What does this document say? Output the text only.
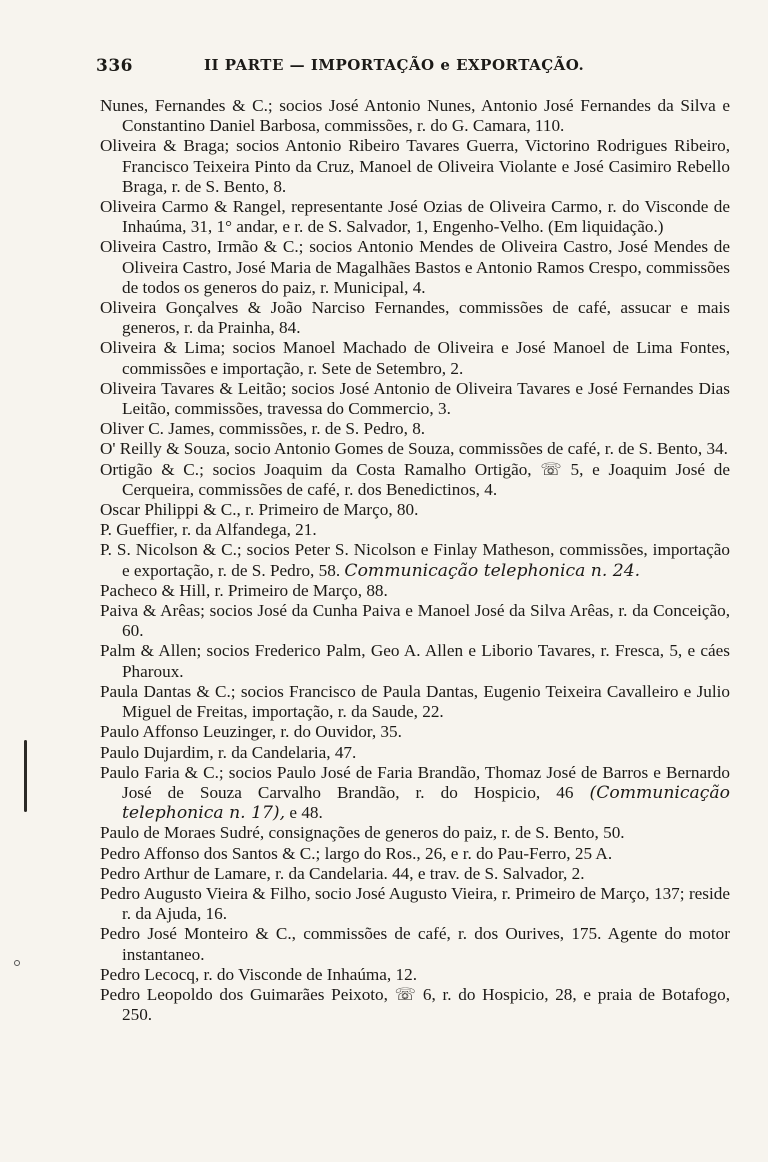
336	II PARTE — IMPORTAÇÃO e EXPORTAÇÃO.

Nunes, Fernandes & C.; socios José Antonio Nunes, Antonio José Fernandes da Silva e Constantino Daniel Barbosa, commissões, r. do G. Camara, 110.

Oliveira & Braga; socios Antonio Ribeiro Tavares Guerra, Victorino Rodrigues Ribeiro, Francisco Teixeira Pinto da Cruz, Manoel de Oliveira Violante e José Casimiro Rebello Braga, r. de S. Bento, 8.

Oliveira Carmo & Rangel, representante José Ozias de Oliveira Carmo, r. do Visconde de Inhaúma, 31, 1° andar, e r. de S. Salvador, 1, Engenho-Velho. (Em liquidação.)

Oliveira Castro, Irmão & C.; socios Antonio Mendes de Oliveira Castro, José Mendes de Oliveira Castro, José Maria de Magalhães Bastos e Antonio Ramos Crespo, commissões de todos os generos do paiz, r. Municipal, 4.

Oliveira Gonçalves & João Narciso Fernandes, commissões de café, assucar e mais generos, r. da Prainha, 84.

Oliveira & Lima; socios Manoel Machado de Oliveira e José Manoel de Lima Fontes, commissões e importação, r. Sete de Setembro, 2.

Oliveira Tavares & Leitão; socios José Antonio de Oliveira Tavares e José Fernandes Dias Leitão, commissões, travessa do Commercio, 3.

Oliver C. James, commissões, r. de S. Pedro, 8.

O' Reilly & Souza, socio Antonio Gomes de Souza, commissões de café, r. de S. Bento, 34.

Ortigão & C.; socios Joaquim da Costa Ramalho Ortigão, ☏ 5, e Joaquim José de Cerqueira, commissões de café, r. dos Benedictinos, 4.

Oscar Philippi & C., r. Primeiro de Março, 80.

P. Gueffier, r. da Alfandega, 21.

P. S. Nicolson & C.; socios Peter S. Nicolson e Finlay Matheson, commissões, importação e exportação, r. de S. Pedro, 58. Communicação telephonica n. 24.

Pacheco & Hill, r. Primeiro de Março, 88.

Paiva & Arêas; socios José da Cunha Paiva e Manoel José da Silva Arêas, r. da Conceição, 60.

Palm & Allen; socios Frederico Palm, Geo A. Allen e Liborio Tavares, r. Fresca, 5, e cáes Pharoux.

Paula Dantas & C.; socios Francisco de Paula Dantas, Eugenio Teixeira Cavalleiro e Julio Miguel de Freitas, importação, r. da Saude, 22.

Paulo Affonso Leuzinger, r. do Ouvidor, 35.

Paulo Dujardim, r. da Candelaria, 47.

Paulo Faria & C.; socios Paulo José de Faria Brandão, Thomaz José de Barros e Bernardo José de Souza Carvalho Brandão, r. do Hospicio, 46 (Communicação telephonica n. 17), e 48.

Paulo de Moraes Sudré, consignações de generos do paiz, r. de S. Bento, 50.

Pedro Affonso dos Santos & C.; largo do Ros., 26, e r. do Pau-Ferro, 25 A.

Pedro Arthur de Lamare, r. da Candelaria. 44, e trav. de S. Salvador, 2.

Pedro Augusto Vieira & Filho, socio José Augusto Vieira, r. Primeiro de Março, 137; reside r. da Ajuda, 16.

Pedro José Monteiro & C., commissões de café, r. dos Ourives, 175. Agente do motor instantaneo.

Pedro Lecocq, r. do Visconde de Inhaúma, 12.

Pedro Leopoldo dos Guimarães Peixoto, ☏ 6, r. do Hospicio, 28, e praia de Botafogo, 250.
